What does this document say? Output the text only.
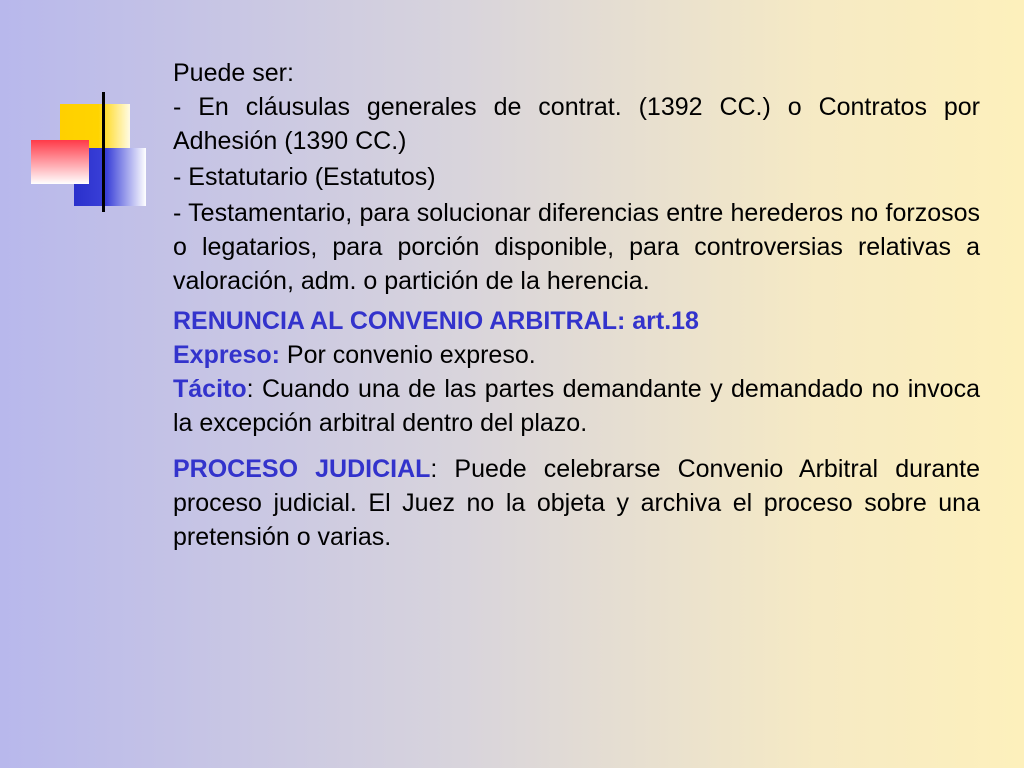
Puede ser:

- En cláusulas generales de contrat. (1392 CC.) o Contratos por Adhesión (1390 CC.)

- Estatutario (Estatutos)

- Testamentario, para solucionar diferencias entre herederos no forzosos o legatarios, para porción disponible, para controversias relativas a valoración, adm. o partición de la herencia.

RENUNCIA AL CONVENIO ARBITRAL: art.18

Expreso: Por convenio expreso.

Tácito: Cuando una de las partes demandante y demandado no invoca la excepción arbitral dentro del plazo.

PROCESO JUDICIAL: Puede celebrarse Convenio Arbitral durante proceso judicial. El Juez no la objeta y archiva el proceso sobre una pretensión o varias.
